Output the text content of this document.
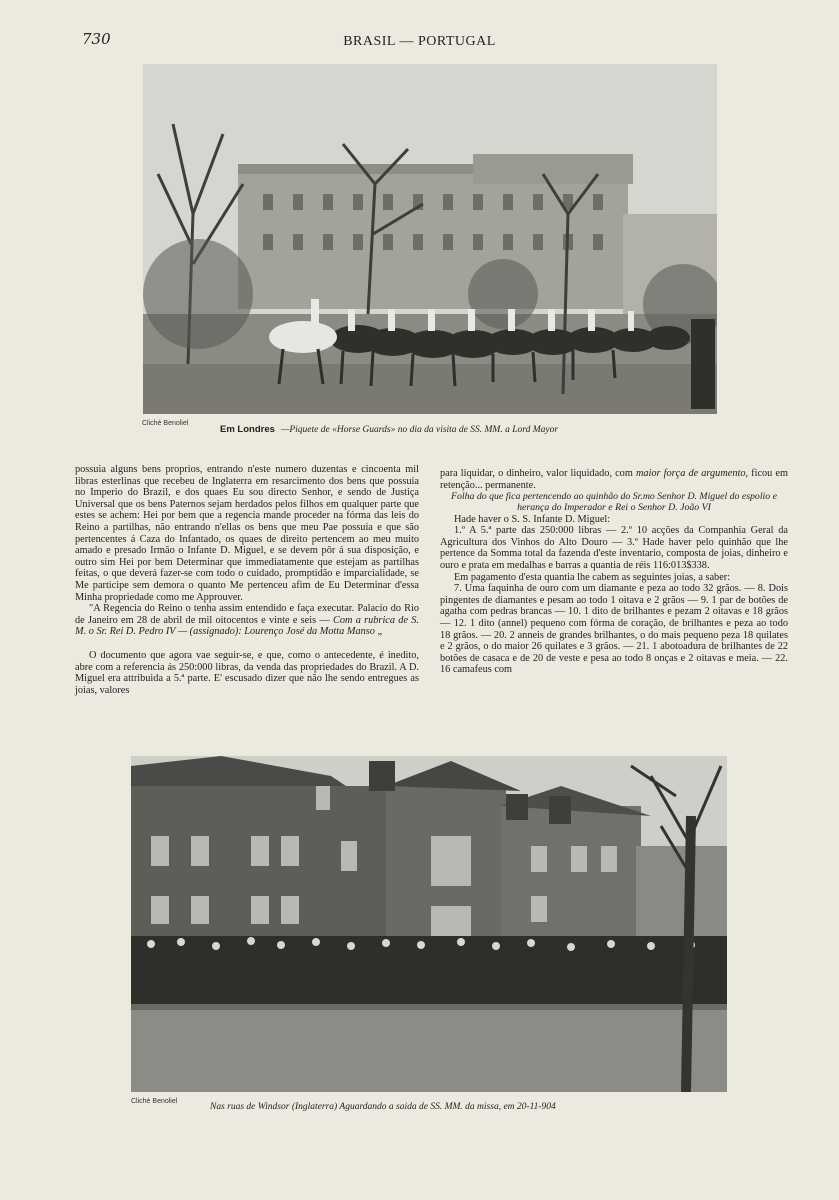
730	BRASIL — PORTUGAL
Cliché Benoliel
Em Londres —Piquete de «Horse Guards» no dia da visita de SS. MM. a Lord Mayor

possuia alguns bens proprios, entrando n'este numero duzentas e cincoenta mil libras esterlinas que recebeu de Inglaterra em resarcimento dos bens que possuia no Imperio do Brazil, e dos quaes Eu sou directo Senhor, e sendo de Justiça Universal que os bens Paternos sejam herdados pelos filhos em qualquer parte que estes se achem: Hei por bem que a regencia mande proceder na fórma das leis do Reino a partilhas, não entrando n'ellas os bens que meu Pae possuia e que são pertencentes á Caza do Infantado, os quaes de direito pertencem ao meu muito amado e presado Irmão o Infante D. Miguel, e se devem pôr á sua disposição, e outro sim Hei por bem Determinar que immediatamente que estejam as partilhas feitas, o que deverá fazer-se com todo o cuidado, promptidão e imparcialidade, se Me participe sem demora o quanto Me pertenceu afim de Eu Determinar d'essa Minha propriedade como me Approuver.

"A Regencia do Reino o tenha assim entendido e faça executar. Palacio do Rio de Janeiro em 28 de abril de mil oitocentos e vinte e seis — Com a rubrica de S. M. o Sr. Rei D. Pedro IV — (assignado): Lourenço José da Motta Manso „

O documento que agora vae seguir-se, e que, como o antecedente, é inedito, abre com a referencia ás 250:000 libras, da venda das propriedades do Brazil. A D. Miguel era attribuida a 5.ª parte. E' escusado dizer que não lhe sendo entregues as joias, valores

para liquidar, o dinheiro, valor liquidado, com maior força de argumento, ficou em retenção... permanente.

Folha do que fica pertencendo ao quinhão do Sr.mo Senhor D. Miguel do espolio e herança do Imperador e Rei o Senhor D. João VI

Hade haver o S. S. Infante D. Miguel:

1.º A 5.ª parte das 250:000 libras — 2.º 10 acções da Companhia Geral da Agricultura dos Vinhos do Alto Douro — 3.º Hade haver pelo quinhão que lhe pertence da Somma total da fazenda d'este inventario, composta de joias, dinheiro e ouro e prata em medalhas e barras a quantia de réis 116:013$338.

Em pagamento d'esta quantia lhe cabem as seguintes joias, a saber:

7. Uma faquinha de ouro com um diamante e peza ao todo 32 grãos. — 8. Dois pingentes de diamantes e pesam ao todo 1 oitava e 2 grãos — 9. 1 par de botões de agatha com pedras brancas — 10. 1 dito de brilhantes e pezam 2 oitavas e 18 grãos — 12. 1 dito (annel) pequeno com fórma de coração, de brilhantes e peza ao todo 18 grãos. — 20. 2 anneis de grandes brilhantes, o do mais pequeno peza 18 quilates e 2 grãos, o do maior 26 quilates e 3 grãos. — 21. 1 abotoadura de brilhantes de 22 botões de casaca e de 20 de veste e pesa ao todo 8 onças e 2 oitavas e meia. — 22. 16 camafeus com

Cliché Benoliel
Nas ruas de Windsor (Inglaterra) Aguardando a saida de SS. MM. da missa, em 20-11-904
